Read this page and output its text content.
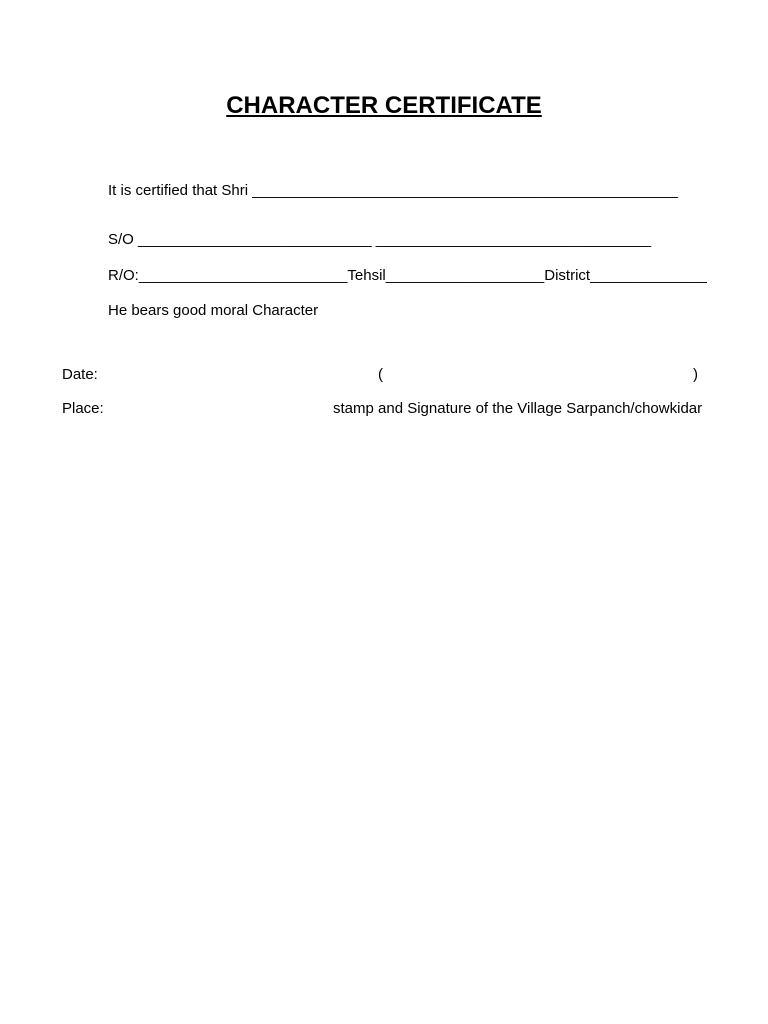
CHARACTER CERTIFICATE
It is certified that Shri ___________________________________________________
S/O ____________________________ _________________________________
R/O:_________________________Tehsil___________________District______________
He bears good moral Character
Date:	(	)
Place:	stamp and Signature of the Village Sarpanch/chowkidar
